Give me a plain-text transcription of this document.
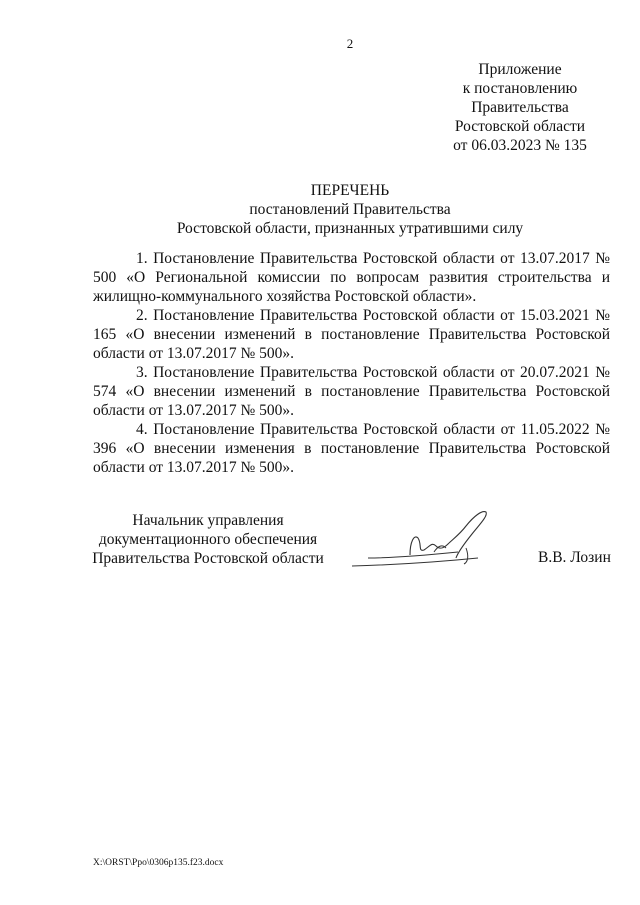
2
Приложение
к постановлению
Правительства
Ростовской области
от 06.03.2023 № 135
ПЕРЕЧЕНЬ
постановлений Правительства
Ростовской области, признанных утратившими силу

1. Постановление Правительства Ростовской области от 13.07.2017 № 500 «О Региональной комиссии по вопросам развития строительства и жилищно-коммунального хозяйства Ростовской области».

2. Постановление Правительства Ростовской области от 15.03.2021 № 165 «О внесении изменений в постановление Правительства Ростовской области от 13.07.2017 № 500».

3. Постановление Правительства Ростовской области от 20.07.2021 № 574 «О внесении изменений в постановление Правительства Ростовской области от 13.07.2017 № 500».

4. Постановление Правительства Ростовской области от 11.05.2022 № 396 «О внесении изменения в постановление Правительства Ростовской области от 13.07.2017 № 500».

Начальник управления
документационного обеспечения
Правительства Ростовской области	В.В. Лозин
X:\ORST\Ppo\0306p135.f23.docx
